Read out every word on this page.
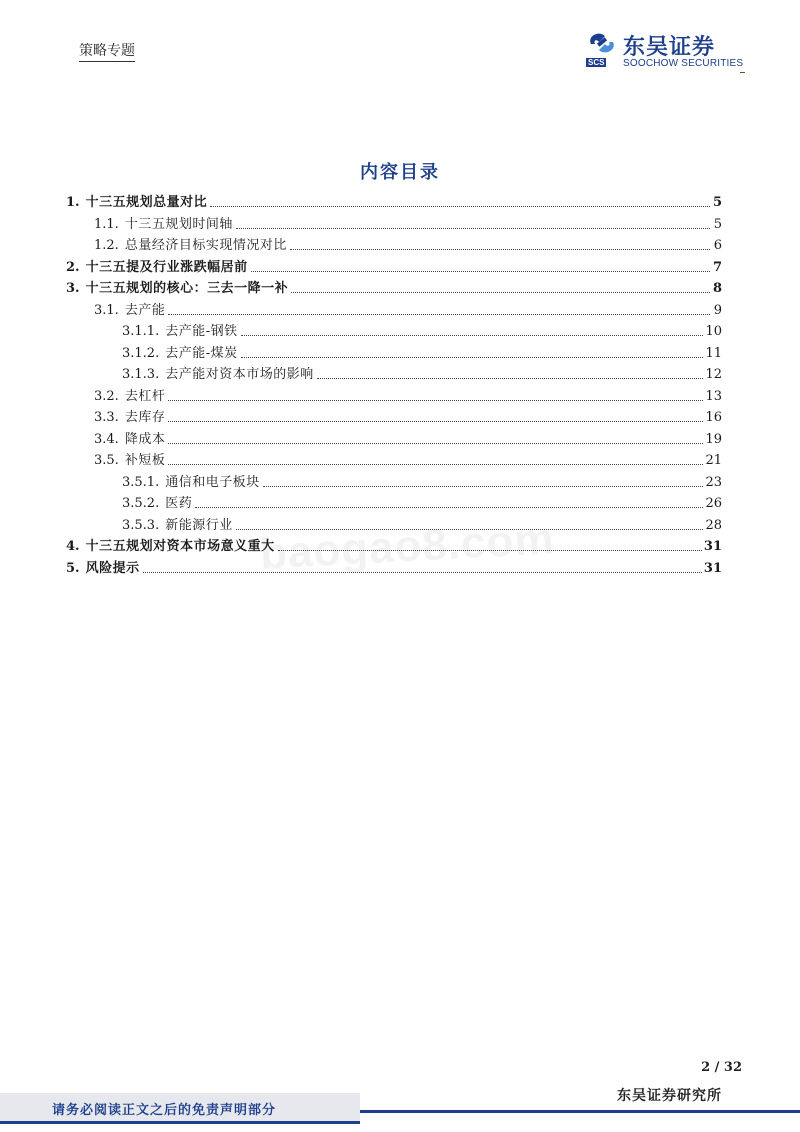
策略专题
SCS
东吴证券
SOOCHOW SECURITIES
内容目录
1. 十三五规划总量对比	5
1.1. 十三五规划时间轴	5
1.2. 总量经济目标实现情况对比	6
2. 十三五提及行业涨跌幅居前	7
3. 十三五规划的核心：三去一降一补	8
3.1. 去产能	9
3.1.1. 去产能-钢铁	10
3.1.2. 去产能-煤炭	11
3.1.3. 去产能对资本市场的影响	12
3.2. 去杠杆	13
3.3. 去库存	16
3.4. 降成本	19
3.5. 补短板	21
3.5.1. 通信和电子板块	23
3.5.2. 医药	26
3.5.3. 新能源行业	28
4. 十三五规划对资本市场意义重大	31
5. 风险提示	31
baogao8.com
2 / 32
请务必阅读正文之后的免责声明部分
东吴证券研究所
